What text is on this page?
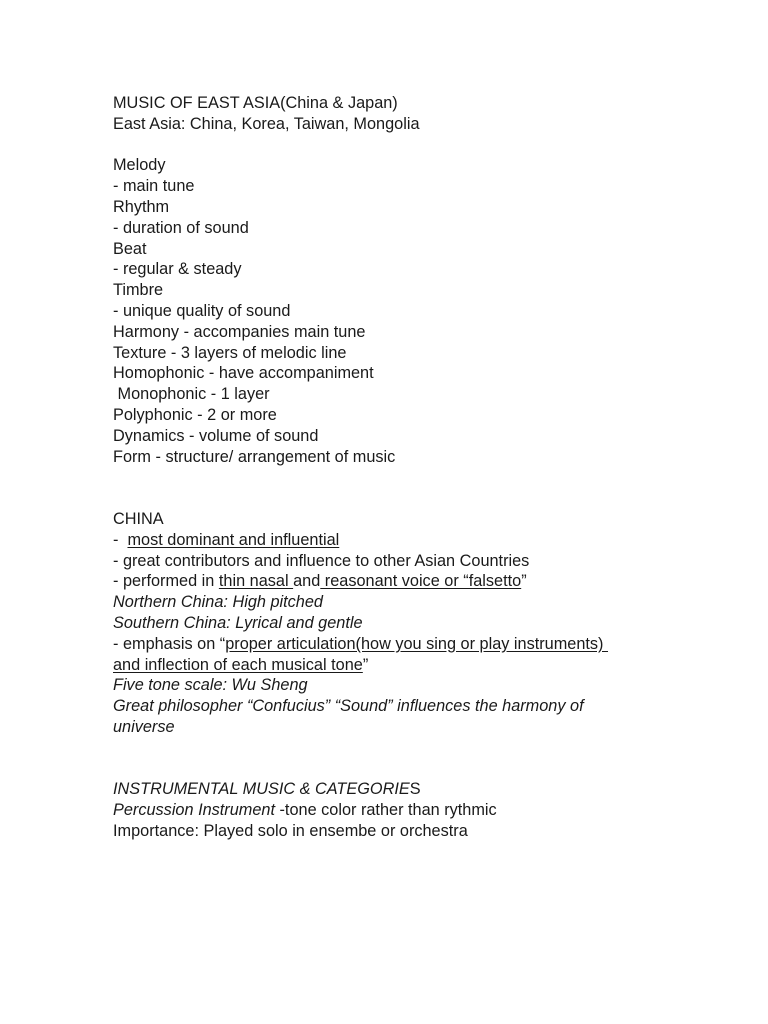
MUSIC OF EAST ASIA(China & Japan)
East Asia: China, Korea, Taiwan, Mongolia
Melody
- main tune
Rhythm
- duration of sound
Beat
- regular & steady
Timbre
- unique quality of sound
Harmony - accompanies main tune
Texture - 3 layers of melodic line
Homophonic - have accompaniment
Monophonic - 1 layer
Polyphonic - 2 or more
Dynamics - volume of sound
Form - structure/ arrangement of music
CHINA
-  most dominant and influential
- great contributors and influence to other Asian Countries
- performed in thin nasal and reasonant voice or “falsetto”
Northern China: High pitched
Southern China: Lyrical and gentle
- emphasis on “proper articulation(how you sing or play instruments)
and inflection of each musical tone”
Five tone scale: Wu Sheng
Great philosopher “Confucius” “Sound” influences the harmony of
universe
INSTRUMENTAL MUSIC & CATEGORIES
Percussion Instrument -tone color rather than rythmic
Importance: Played solo in ensembe or orchestra
